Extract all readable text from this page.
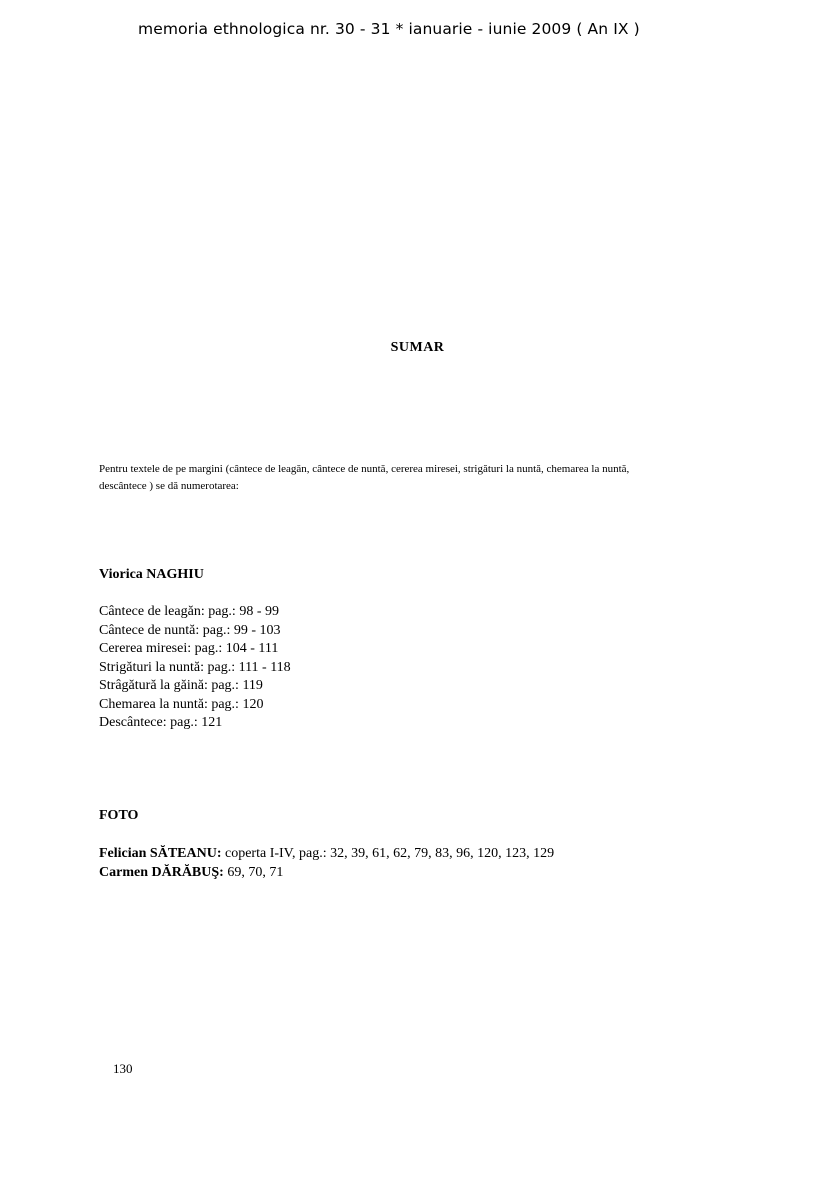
memoria ethnologica nr. 30 - 31 * ianuarie - iunie 2009 ( An IX )
SUMAR
Pentru textele de pe margini (cântece de leagăn, cântece de nuntă, cererea miresei, strigături la nuntă, chemarea la nuntă,
descântece ) se dă numerotarea:
Viorica NAGHIU
Cântece de leagăn: pag.: 98 - 99
Cântece de nuntă: pag.: 99 - 103
Cererea miresei: pag.: 104 - 111
Strigături la nuntă: pag.: 111 - 118
Strâgătură la găină: pag.: 119
Chemarea la nuntă: pag.: 120
Descântece: pag.: 121
FOTO
Felician SĂTEANU: coperta I-IV, pag.: 32, 39, 61, 62, 79, 83, 96, 120, 123, 129
Carmen DĂRĂBUŞ: 69, 70, 71
130
